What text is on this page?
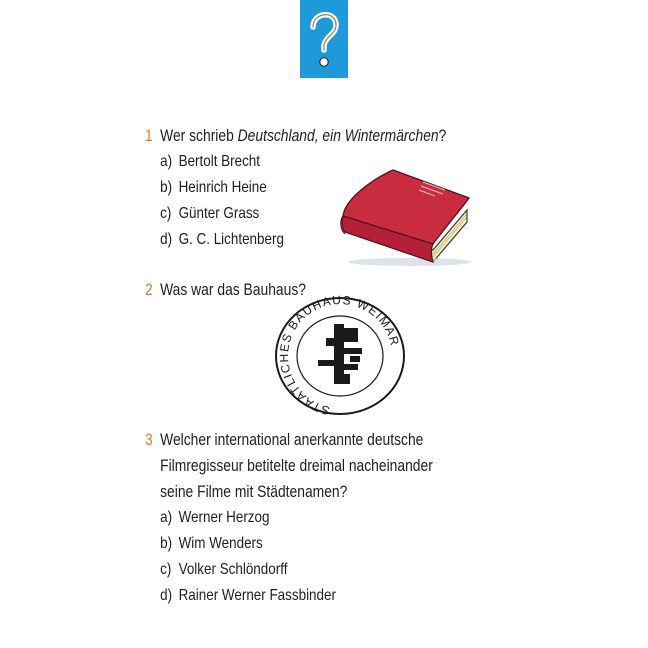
1 Wer schrieb Deutschland, ein Wintermärchen?
a) Bertolt Brecht
b) Heinrich Heine
c) Günter Grass
d) G. C. Lichtenberg
2 Was war das Bauhaus?
STAATLICHES BAUHAUS WEIMAR
3 Welcher international anerkannte deutsche
Filmregisseur betitelte dreimal nacheinander
seine Filme mit Städtenamen?
a) Werner Herzog
b) Wim Wenders
c) Volker Schlöndorff
d) Rainer Werner Fassbinder
